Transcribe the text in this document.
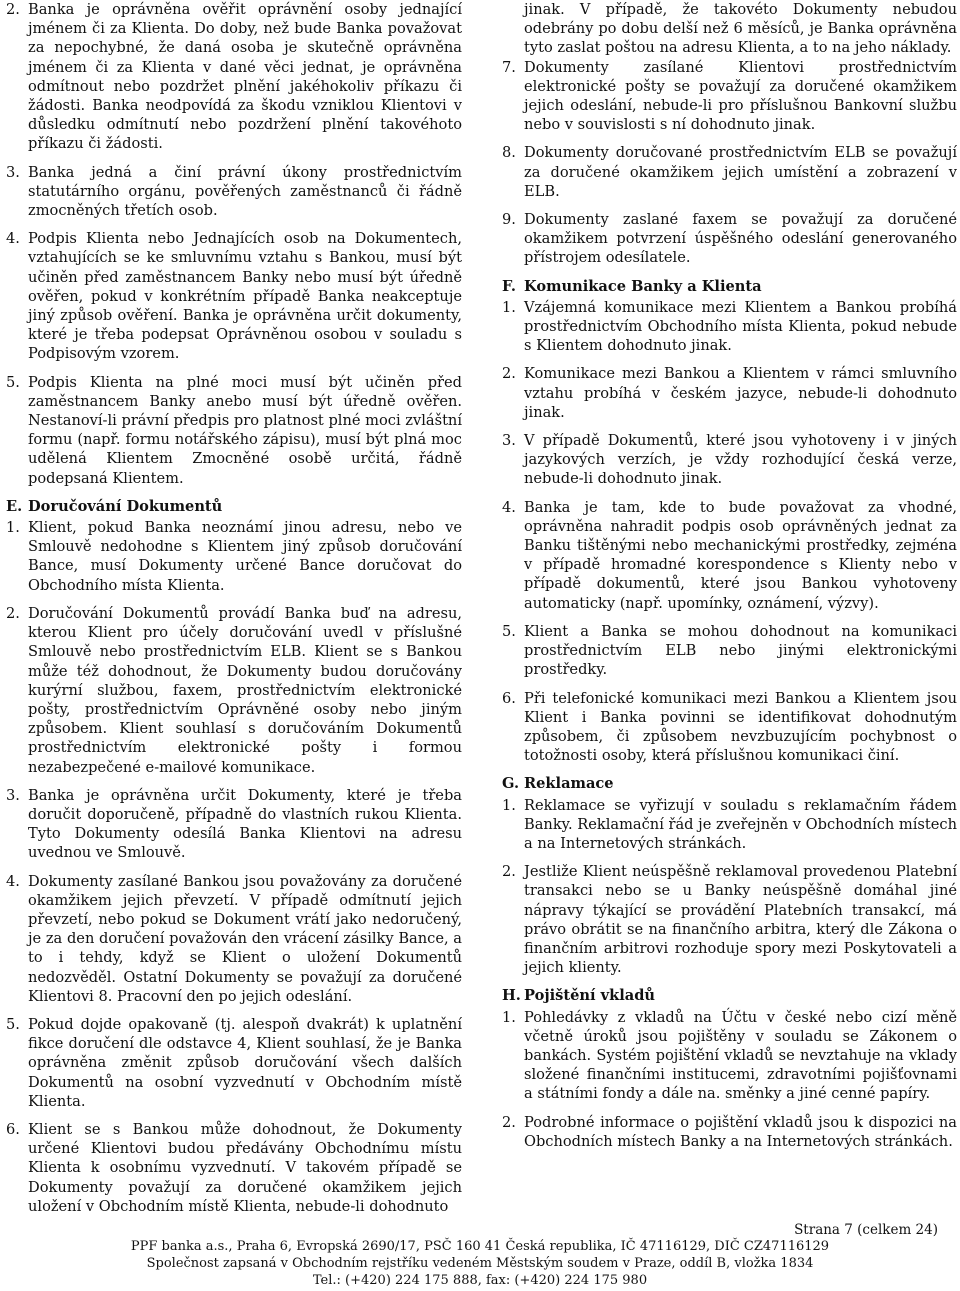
2. Banka je oprávněna ověřit oprávnění osoby jednající jménem či za Klienta. Do doby, než bude Banka považovat za nepochybné, že daná osoba je skutečně oprávněna jménem či za Klienta v dané věci jednat, je oprávněna odmítnout nebo pozdržet plnění jakéhokoliv příkazu či žádosti. Banka neodpovídá za škodu vzniklou Klientovi v důsledku odmítnutí nebo pozdržení plnění takovéhoto příkazu či žádosti.

3. Banka jedná a činí právní úkony prostřednictvím statutárního orgánu, pověřených zaměstnanců či řádně zmocněných třetích osob.

4. Podpis Klienta nebo Jednajících osob na Dokumentech, vztahujících se ke smluvnímu vztahu s Bankou, musí být učiněn před zaměstnancem Banky nebo musí být úředně ověřen, pokud v konkrétním případě Banka neakceptuje jiný způsob ověření. Banka je oprávněna určit dokumenty, které je třeba podepsat Oprávněnou osobou v souladu s Podpisovým vzorem.

5. Podpis Klienta na plné moci musí být učiněn před zaměstnancem Banky anebo musí být úředně ověřen. Nestanoví-li právní předpis pro platnost plné moci zvláštní formu (např. formu notářského zápisu), musí být plná moc udělená Klientem Zmocněné osobě určitá, řádně podepsaná Klientem.

E. Doručování Dokumentů
1. Klient, pokud Banka neoznámí jinou adresu, nebo ve Smlouvě nedohodne s Klientem jiný způsob doručování Bance, musí Dokumenty určené Bance doručovat do Obchodního místa Klienta.

2. Doručování Dokumentů provádí Banka buď na adresu, kterou Klient pro účely doručování uvedl v příslušné Smlouvě nebo prostřednictvím ELB. Klient se s Bankou může též dohodnout, že Dokumenty budou doručovány kurýrní službou, faxem, prostřednictvím elektronické pošty, prostřednictvím Oprávněné osoby nebo jiným způsobem. Klient souhlasí s doručováním Dokumentů prostřednictvím elektronické pošty i formou nezabezpečené e-mailové komunikace.

3. Banka je oprávněna určit Dokumenty, které je třeba doručit doporučeně, případně do vlastních rukou Klienta. Tyto Dokumenty odesílá Banka Klientovi na adresu uvednou ve Smlouvě.

4. Dokumenty zasílané Bankou jsou považovány za doručené okamžikem jejich převzetí. V případě odmítnutí jejich převzetí, nebo pokud se Dokument vrátí jako nedoručený, je za den doručení považován den vrácení zásilky Bance, a to i tehdy, když se Klient o uložení Dokumentů nedozvěděl. Ostatní Dokumenty se považují za doručené Klientovi 8. Pracovní den po jejich odeslání.

5. Pokud dojde opakovaně (tj. alespoň dvakrát) k uplatnění fikce doručení dle odstavce 4, Klient souhlasí, že je Banka oprávněna změnit způsob doručování všech dalších Dokumentů na osobní vyzvednutí v Obchodním místě Klienta.

6. Klient se s Bankou může dohodnout, že Dokumenty určené Klientovi budou předávány Obchodnímu místu Klienta k osobnímu vyzvednutí. V takovém případě se Dokumenty považují za doručené okamžikem jejich uložení v Obchodním místě Klienta, nebude-li dohodnuto

jinak. V případě, že takovéto Dokumenty nebudou odebrány po dobu delší než 6 měsíců, je Banka oprávněna tyto zaslat poštou na adresu Klienta, a to na jeho náklady.

7. Dokumenty zasílané Klientovi prostřednictvím elektronické pošty se považují za doručené okamžikem jejich odeslání, nebude-li pro příslušnou Bankovní službu nebo v souvislosti s ní dohodnuto jinak.

8. Dokumenty doručované prostřednictvím ELB se považují za doručené okamžikem jejich umístění a zobrazení v ELB.

9. Dokumenty zaslané faxem se považují za doručené okamžikem potvrzení úspěšného odeslání generovaného přístrojem odesílatele.

F. Komunikace Banky a Klienta
1. Vzájemná komunikace mezi Klientem a Bankou probíhá prostřednictvím Obchodního místa Klienta, pokud nebude s Klientem dohodnuto jinak.

2. Komunikace mezi Bankou a Klientem v rámci smluvního vztahu probíhá v českém jazyce, nebude-li dohodnuto jinak.

3. V případě Dokumentů, které jsou vyhotoveny i v jiných jazykových verzích, je vždy rozhodující česká verze, nebude-li dohodnuto jinak.

4. Banka je tam, kde to bude považovat za vhodné, oprávněna nahradit podpis osob oprávněných jednat za Banku tištěnými nebo mechanickými prostředky, zejména v případě hromadné korespondence s Klienty nebo v případě dokumentů, které jsou Bankou vyhotoveny automaticky (např. upomínky, oznámení, výzvy).

5. Klient a Banka se mohou dohodnout na komunikaci prostřednictvím ELB nebo jinými elektronickými prostředky.

6. Při telefonické komunikaci mezi Bankou a Klientem jsou Klient i Banka povinni se identifikovat dohodnutým způsobem, či způsobem nevzbuzujícím pochybnost o totožnosti osoby, která příslušnou komunikaci činí.

G. Reklamace
1. Reklamace se vyřizují v souladu s reklamačním řádem Banky. Reklamační řád je zveřejněn v Obchodních místech a na Internetových stránkách.

2. Jestliže Klient neúspěšně reklamoval provedenou Platební transakci nebo se u Banky neúspěšně domáhal jiné nápravy týkající se provádění Platebních transakcí, má právo obrátit se na finančního arbitra, který dle Zákona o finančním arbitrovi rozhoduje spory mezi Poskytovateli a jejich klienty.

H. Pojištění vkladů
1. Pohledávky z vkladů na Účtu v české nebo cizí měně včetně úroků jsou pojištěny v souladu se Zákonem o bankách. Systém pojištění vkladů se nevztahuje na vklady složené finančními institucemi, zdravotními pojišťovnami a státními fondy a dále na. směnky a jiné cenné papíry.

2. Podrobné informace o pojištění vkladů jsou k dispozici na Obchodních místech Banky a na Internetových stránkách.

Strana 7 (celkem 24)
PPF banka a.s., Praha 6, Evropská 2690/17, PSČ 160 41 Česká republika, IČ 47116129, DIČ CZ47116129
Společnost zapsaná v Obchodním rejstříku vedeném Městským soudem v Praze, oddíl B, vložka 1834
Tel.: (+420) 224 175 888, fax: (+420) 224 175 980
